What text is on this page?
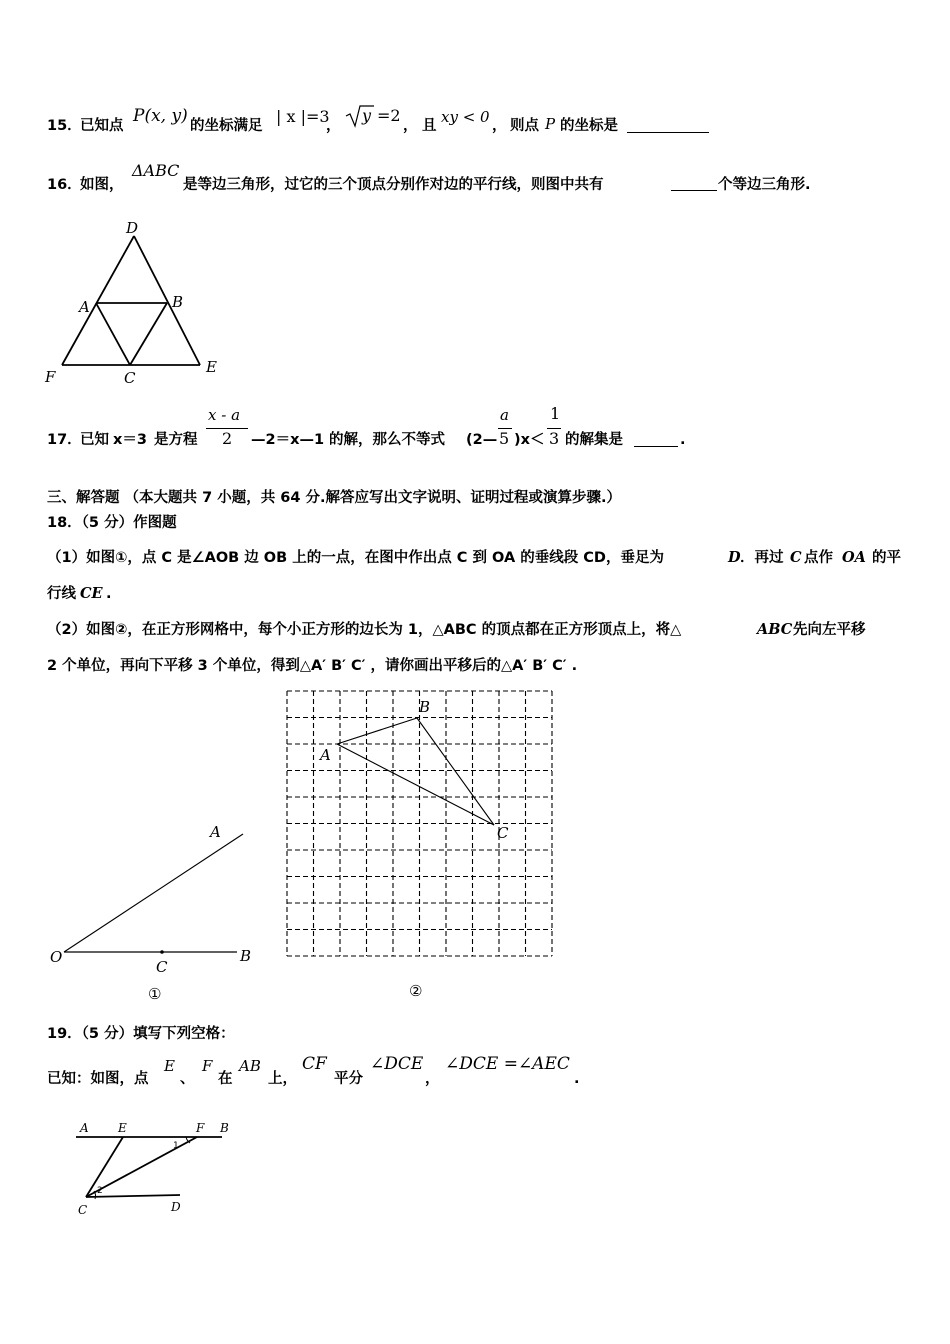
15．
已知点 P(x, y) 的坐标满足 | x |=3
，
y =2
， 且 xy < 0 ， 则点 P 的坐标是
16．
如图，
ΔABC
是等边三角形，过它的三个顶点分别作对边的平行线，则图中共有	个等边三角形.
D
A	B
F	C
E
17．
已知 x＝3 是方程
x - a
2 —2＝x—1 的解，那么不等式 (2—
a
5 )x＜
1
3 的解集是	.
三、解答题 （本大题共 7 小题，共 64 分.解答应写出文字说明、证明过程或演算步骤.）
18．（5 分）作图题
（1）如图①，点 C 是∠AOB 边 OB 上的一点，在图中作出点 C 到 OA 的垂线段 CD，垂足为	D ．再过 C 点作 OA 的平
行线 CE .
（2）如图②，在正方形网格中，每个小正方形的边长为 1，△ABC 的顶点都在正方形顶点上，将△	ABC 先向左平移
2 个单位，再向下平移 3 个单位，得到△A′ B′ C′ ，请你画出平移后的△A′ B′ C′ .
O
A
B
C
①
A
B
C
②
19．（5 分）填写下列空格：
已知：如图，点
E
、
F
在
AB
上，
CF
平分
∠DCE
，
∠DCE =∠AEC
.
A E	F B
C	D
1
2
